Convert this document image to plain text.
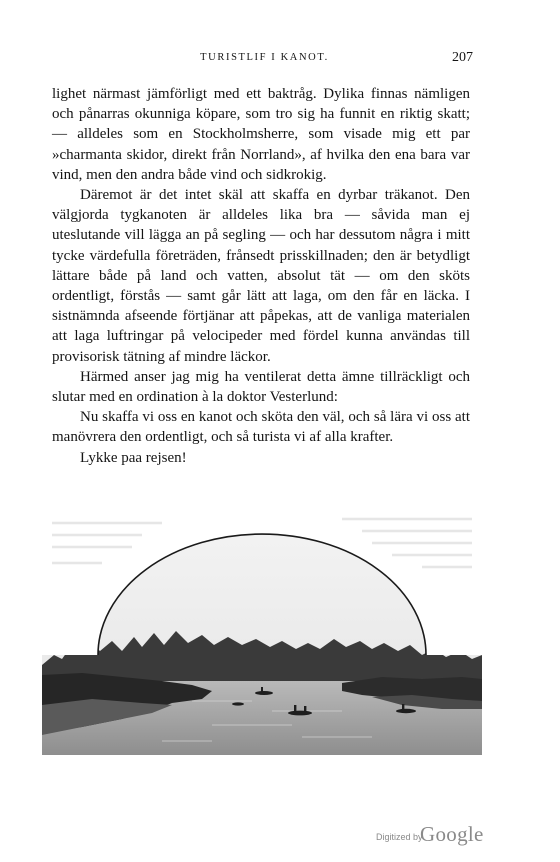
TURISTLIF I KANOT.	207

lighet närmast jämförligt med ett baktråg. Dylika finnas nämligen och pånarras okunniga köpare, som tro sig ha funnit en riktig skatt; — alldeles som en Stockholmsherre, som visade mig ett par »charmanta skidor, direkt från Norrland», af hvilka den ena bara var vind, men den andra både vind och sidkrokig.

Däremot är det intet skäl att skaffa en dyrbar träkanot. Den välgjorda tygkanoten är alldeles lika bra — såvida man ej uteslutande vill lägga an på segling — och har dessutom några i mitt tycke värdefulla företräden, frånsedt prisskillnaden; den är betydligt lättare både på land och vatten, absolut tät — om den sköts ordentligt, förstås — samt går lätt att laga, om den får en läcka. I sistnämnda afseende förtjänar att påpekas, att de vanliga materialen att laga luftringar på velocipeder med fördel kunna användas till provisorisk tätning af mindre läckor.

Härmed anser jag mig ha ventilerat detta ämne tillräckligt och slutar med en ordination à la doktor Vesterlund:

Nu skaffa vi oss en kanot och sköta den väl, och så lära vi oss att manövrera den ordentligt, och så turista vi af alla krafter.

Lykke paa rejsen!

Digitized by
Google
